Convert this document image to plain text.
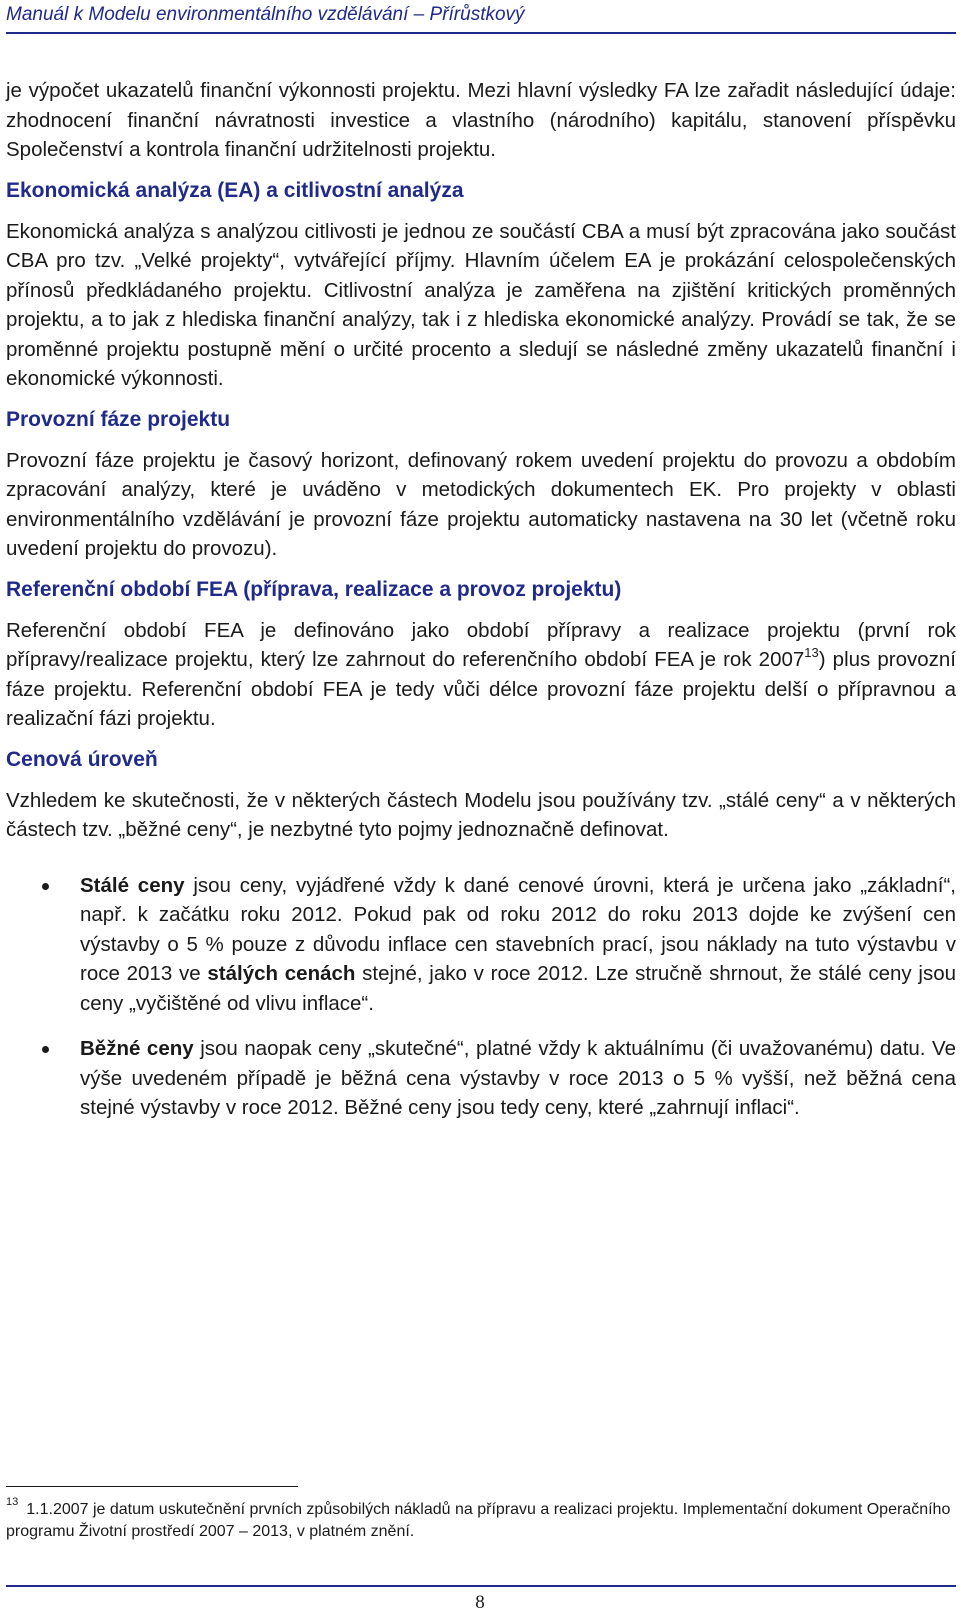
Manuál k Modelu environmentálního vzdělávání – Přírůstkový

je výpočet ukazatelů finanční výkonnosti projektu. Mezi hlavní výsledky FA lze zařadit následující údaje: zhodnocení finanční návratnosti investice a vlastního (národního) kapitálu, stanovení příspěvku Společenství a kontrola finanční udržitelnosti projektu.

Ekonomická analýza (EA) a citlivostní analýza

Ekonomická analýza s analýzou citlivosti je jednou ze součástí CBA a musí být zpracována jako součást CBA pro tzv. „Velké projekty“, vytvářející příjmy. Hlavním účelem EA je prokázání celospolečenských přínosů předkládaného projektu. Citlivostní analýza je zaměřena na zjištění kritických proměnných projektu, a to jak z hlediska finanční analýzy, tak i z hlediska ekonomické analýzy. Provádí se tak, že se proměnné projektu postupně mění o určité procento a sledují se následné změny ukazatelů finanční i ekonomické výkonnosti.

Provozní fáze projektu

Provozní fáze projektu je časový horizont, definovaný rokem uvedení projektu do provozu a obdobím zpracování analýzy, které je uváděno v metodických dokumentech EK. Pro projekty v oblasti environmentálního vzdělávání je provozní fáze projektu automaticky nastavena na 30 let (včetně roku uvedení projektu do provozu).

Referenční období FEA (příprava, realizace a provoz projektu)

Referenční období FEA je definováno jako období přípravy a realizace projektu (první rok přípravy/realizace projektu, který lze zahrnout do referenčního období FEA je rok 2007$^{13}$) plus provozní fáze projektu. Referenční období FEA je tedy vůči délce provozní fáze projektu delší o přípravnou a realizační fázi projektu.

Cenová úroveň

Vzhledem ke skutečnosti, že v některých částech Modelu jsou používány tzv. „stálé ceny“ a v některých částech tzv. „běžné ceny“, je nezbytné tyto pojmy jednoznačně definovat.

Stálé ceny jsou ceny, vyjádřené vždy k dané cenové úrovni, která je určena jako „základní“, např. k začátku roku 2012. Pokud pak od roku 2012 do roku 2013 dojde ke zvýšení cen výstavby o 5 % pouze z důvodu inflace cen stavebních prací, jsou náklady na tuto výstavbu v roce 2013 ve stálých cenách stejné, jako v roce 2012. Lze stručně shrnout, že stálé ceny jsou ceny „vyčištěné od vlivu inflace“.
Běžné ceny jsou naopak ceny „skutečné“, platné vždy k aktuálnímu (či uvažovanému) datu. Ve výše uvedeném případě je běžná cena výstavby v roce 2013 o 5 % vyšší, než běžná cena stejné výstavby v roce 2012. Běžné ceny jsou tedy ceny, které „zahrnují inflaci“.
$^{13}$ 1.1.2007 je datum uskutečnění prvních způsobilých nákladů na přípravu a realizaci projektu. Implementační dokument Operačního programu Životní prostředí 2007 – 2013, v platném znění.
8
